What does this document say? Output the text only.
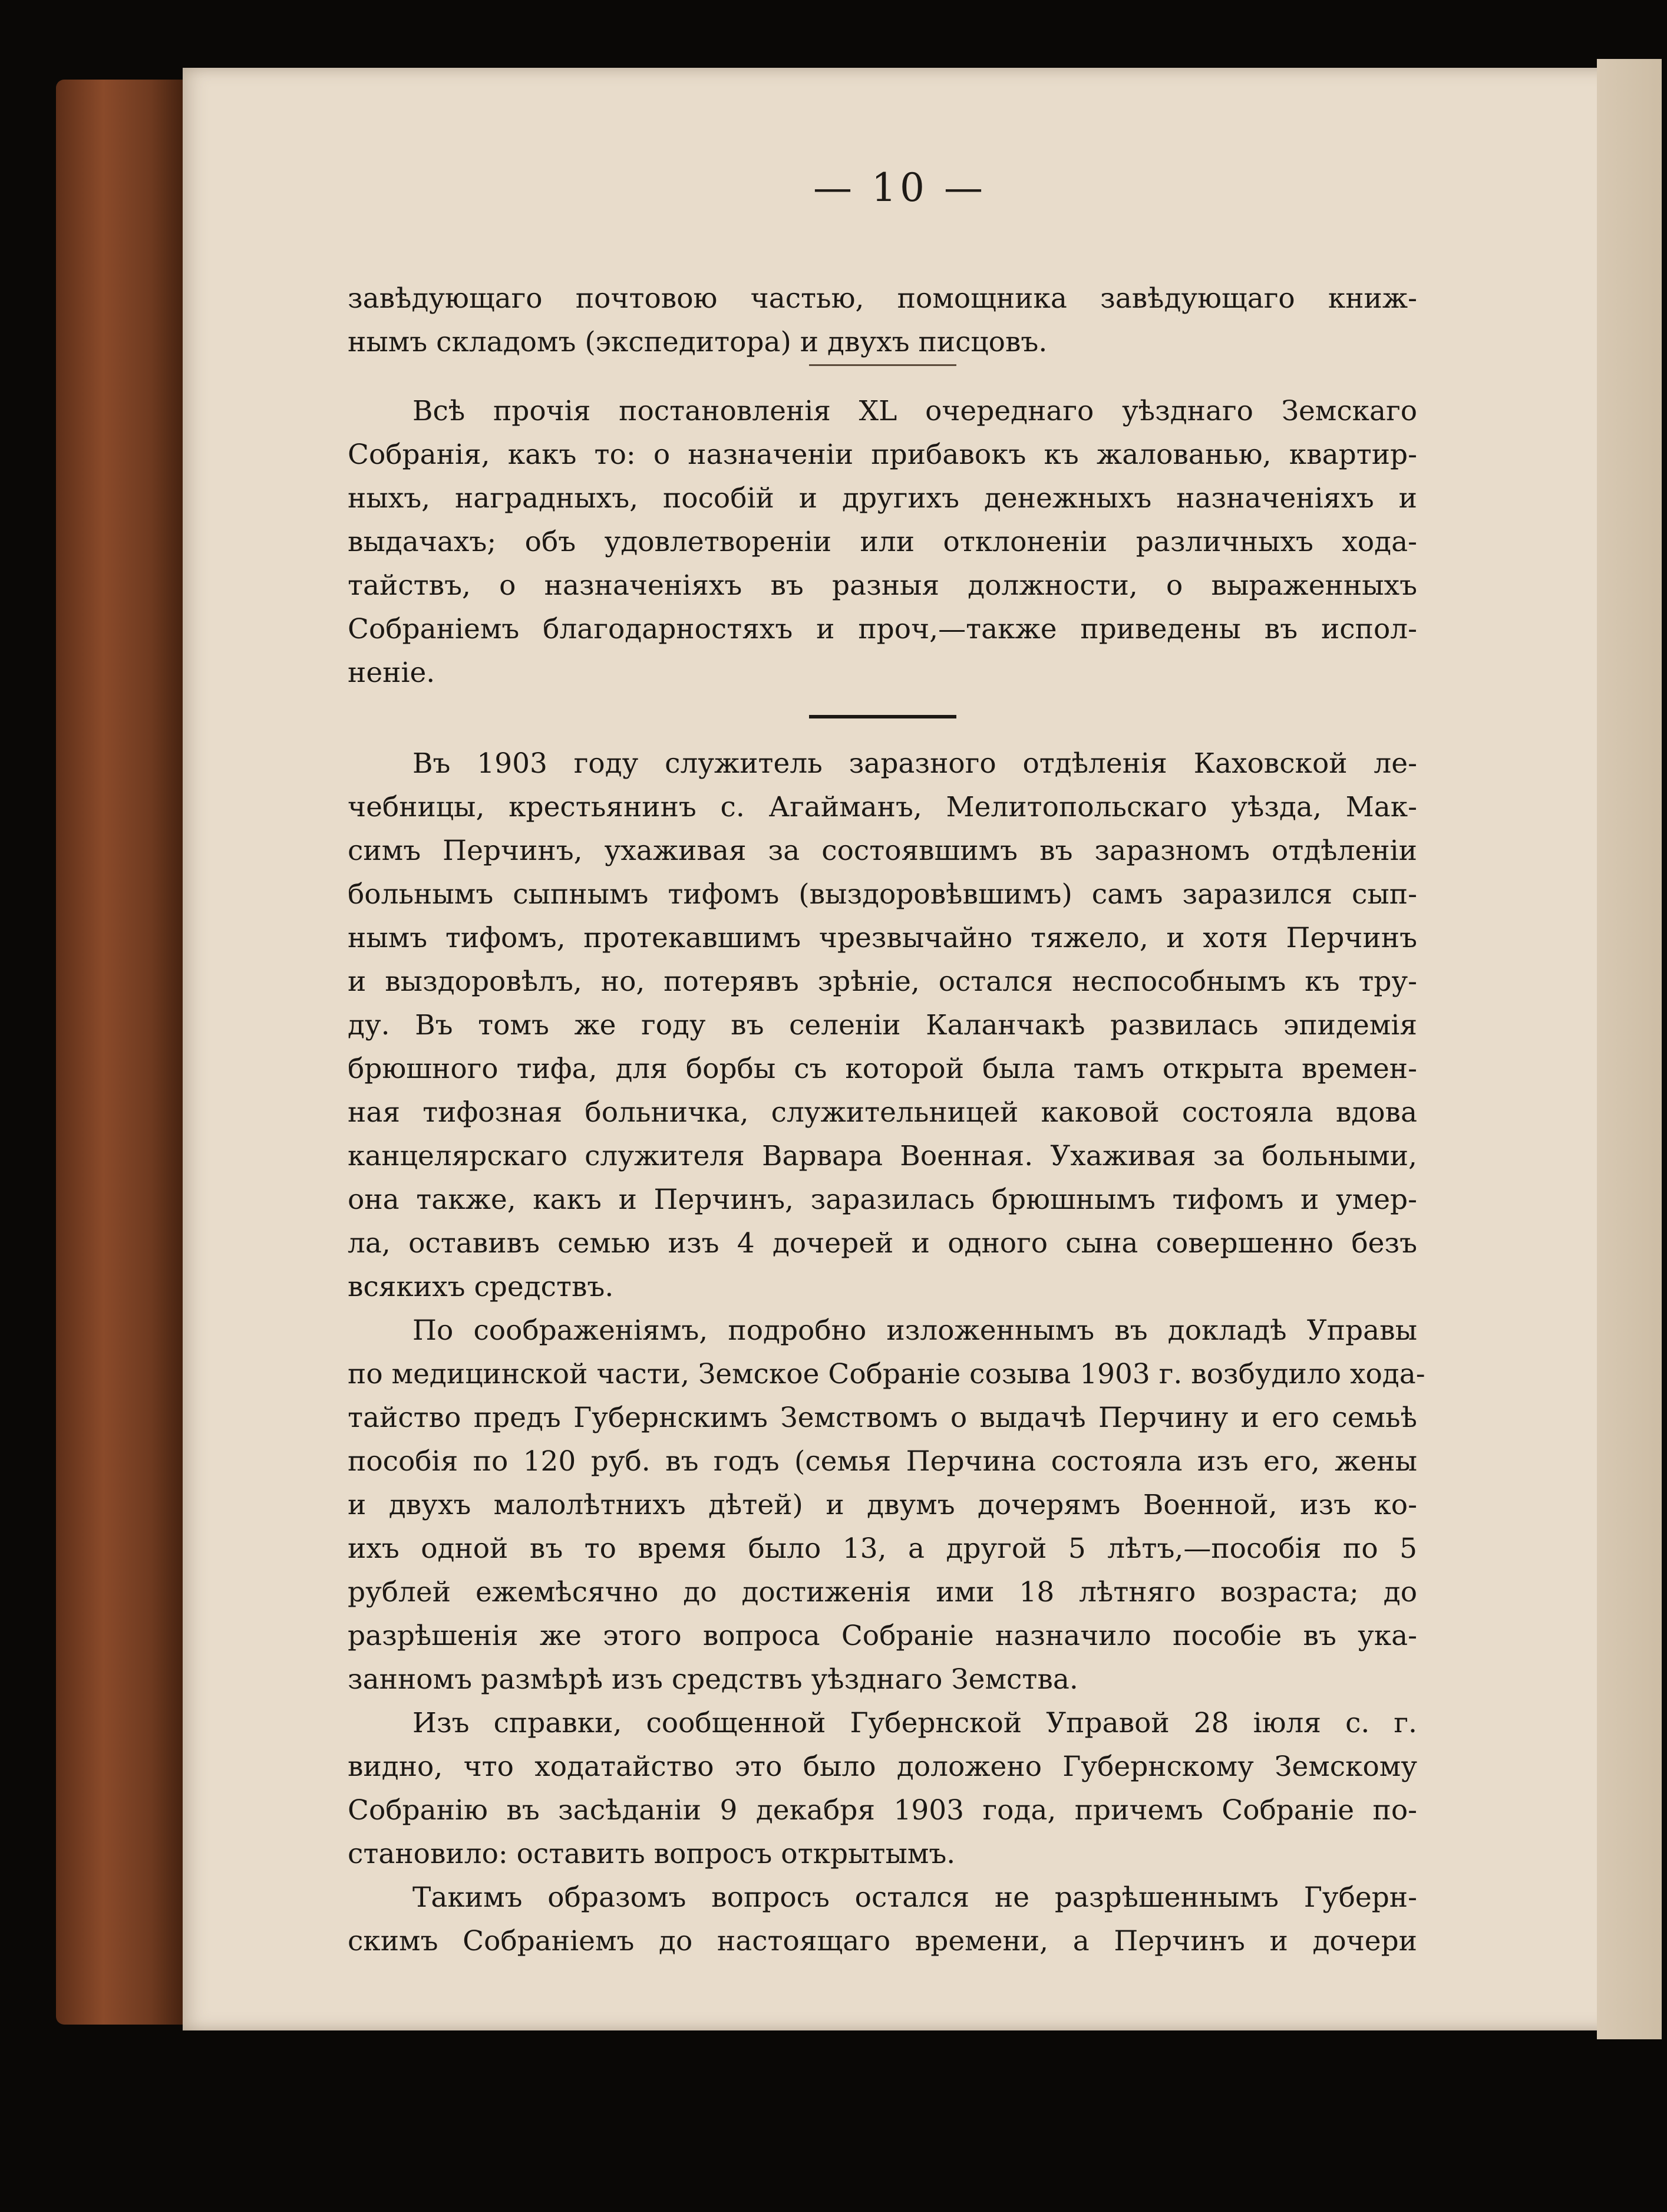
— 10 —
завѣдующаго почтовою частью, помощника завѣдующаго книж-
нымъ складомъ (экспедитора) и двухъ писцовъ.
Всѣ прочія постановленія XL очереднаго уѣзднаго Земскаго
Собранія, какъ то: о назначеніи прибавокъ къ жалованью, квартир-
ныхъ, наградныхъ, пособій и другихъ денежныхъ назначеніяхъ и
выдачахъ; объ удовлетвореніи или отклоненіи различныхъ хода-
тайствъ, о назначеніяхъ въ разныя должности, о выраженныхъ
Собраніемъ благодарностяхъ и проч,—также приведены въ испол-
неніе.
Въ 1903 году служитель заразного отдѣленія Каховской ле-
чебницы, крестьянинъ с. Агайманъ, Мелитопольскаго уѣзда, Мак-
симъ Перчинъ, ухаживая за состоявшимъ въ заразномъ отдѣленіи
больнымъ сыпнымъ тифомъ (выздоровѣвшимъ) самъ заразился сып-
нымъ тифомъ, протекавшимъ чрезвычайно тяжело, и хотя Перчинъ
и выздоровѣлъ, но, потерявъ зрѣніе, остался неспособнымъ къ тру-
ду. Въ томъ же году въ селеніи Каланчакѣ развилась эпидемія
брюшного тифа, для борбы съ которой была тамъ открыта времен-
ная тифозная больничка, служительницей каковой состояла вдова
канцелярскаго служителя Варвара Военная. Ухаживая за больными,
она также, какъ и Перчинъ, заразилась брюшнымъ тифомъ и умер-
ла, оставивъ семью изъ 4 дочерей и одного сына совершенно безъ
всякихъ средствъ.
По соображеніямъ, подробно изложеннымъ въ докладѣ Управы
по медицинской части, Земское Собраніе созыва 1903 г. возбудило хода-
тайство предъ Губернскимъ Земствомъ о выдачѣ Перчину и его семьѣ
пособія по 120 руб. въ годъ (семья Перчина состояла изъ его, жены
и двухъ малолѣтнихъ дѣтей) и двумъ дочерямъ Военной, изъ ко-
ихъ одной въ то время было 13, а другой 5 лѣтъ,—пособія по 5
рублей ежемѣсячно до достиженія ими 18 лѣтняго возраста; до
разрѣшенія же этого вопроса Собраніе назначило пособіе въ ука-
занномъ размѣрѣ изъ средствъ уѣзднаго Земства.
Изъ справки, сообщенной Губернской Управой 28 іюля с. г.
видно, что ходатайство это было доложено Губернскому Земскому
Собранію въ засѣданіи 9 декабря 1903 года, причемъ Собраніе по-
становило: оставить вопросъ открытымъ.
Такимъ образомъ вопросъ остался не разрѣшеннымъ Губерн-
скимъ Собраніемъ до настоящаго времени, а Перчинъ и дочери
